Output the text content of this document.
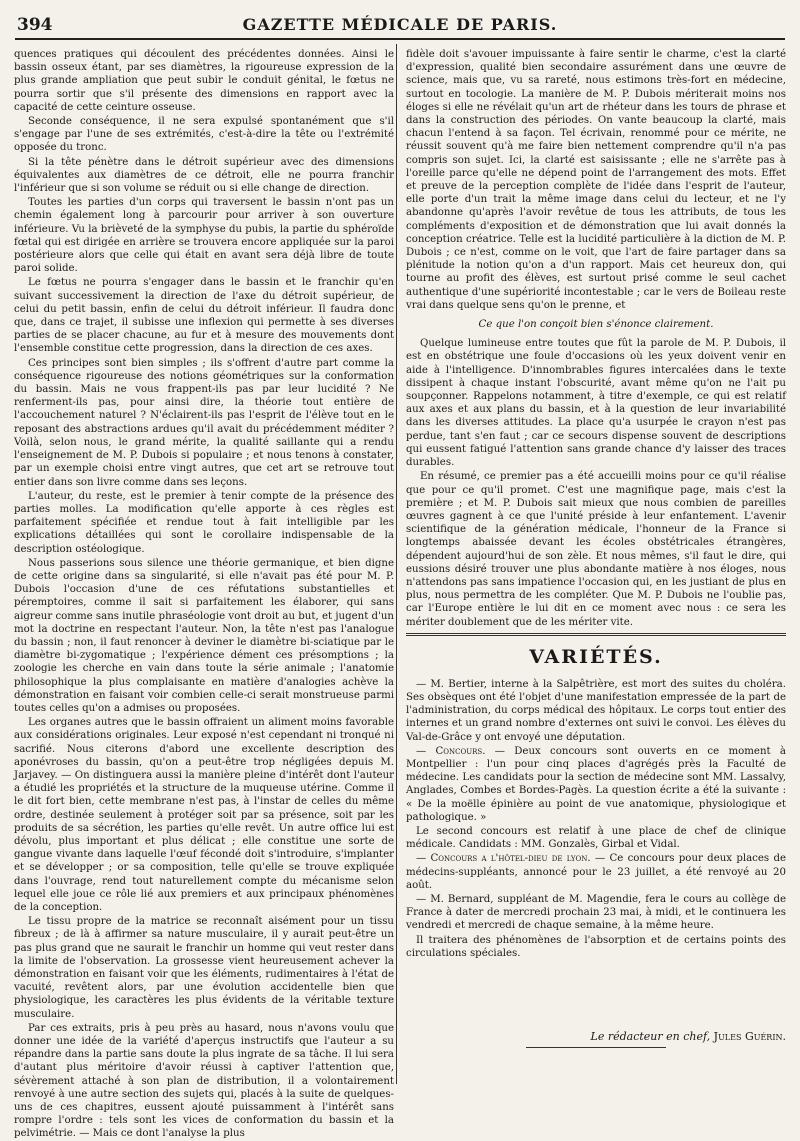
394	GAZETTE MÉDICALE DE PARIS.

quences pratiques qui découlent des précédentes données. Ainsi le bassin osseux étant, par ses diamètres, la rigoureuse expression de la plus grande ampliation que peut subir le conduit génital, le fœtus ne pourra sortir que s'il présente des dimensions en rapport avec la capacité de cette ceinture osseuse.

Seconde conséquence, il ne sera expulsé spontanément que s'il s'engage par l'une de ses extrémités, c'est-à-dire la tête ou l'extrémité opposée du tronc.

Si la tête pénètre dans le détroit supérieur avec des dimensions équivalentes aux diamètres de ce détroit, elle ne pourra franchir l'inférieur que si son volume se réduit ou si elle change de direction.

Toutes les parties d'un corps qui traversent le bassin n'ont pas un chemin également long à parcourir pour arriver à son ouverture inférieure. Vu la brièveté de la symphyse du pubis, la partie du sphéroïde fœtal qui est dirigée en arrière se trouvera encore appliquée sur la paroi postérieure alors que celle qui était en avant sera déjà libre de toute paroi solide.

Le fœtus ne pourra s'engager dans le bassin et le franchir qu'en suivant successivement la direction de l'axe du détroit supérieur, de celui du petit bassin, enfin de celui du détroit inférieur. Il faudra donc que, dans ce trajet, il subisse une inflexion qui permette à ses diverses parties de se placer chacune, au fur et à mesure des mouvements dont l'ensemble constitue cette progression, dans la direction de ces axes.

Ces principes sont bien simples ; ils s'offrent d'autre part comme la conséquence rigoureuse des notions géométriques sur la conformation du bassin. Mais ne vous frappent-ils pas par leur lucidité ? Ne renferment-ils pas, pour ainsi dire, la théorie tout entière de l'accouchement naturel ? N'éclairent-ils pas l'esprit de l'élève tout en le reposant des abstractions ardues qu'il avait du précédemment méditer ? Voilà, selon nous, le grand mérite, la qualité saillante qui a rendu l'enseignement de M. P. Dubois si populaire ; et nous tenons à constater, par un exemple choisi entre vingt autres, que cet art se retrouve tout entier dans son livre comme dans ses leçons.

L'auteur, du reste, est le premier à tenir compte de la présence des parties molles. La modification qu'elle apporte à ces règles est parfaitement spécifiée et rendue tout à fait intelligible par les explications détaillées qui sont le corollaire indispensable de la description ostéologique.

Nous passerions sous silence une théorie germanique, et bien digne de cette origine dans sa singularité, si elle n'avait pas été pour M. P. Dubois l'occasion d'une de ces réfutations substantielles et péremptoires, comme il sait si parfaitement les élaborer, qui sans aigreur comme sans inutile phraséologie vont droit au but, et jugent d'un mot la doctrine en respectant l'auteur. Non, la tête n'est pas l'analogue du bassin ; non, il faut renoncer à deviner le diamètre bi-sciatique par le diamètre bi-zygomatique ; l'expérience dément ces présomptions ; la zoologie les cherche en vain dans toute la série animale ; l'anatomie philosophique la plus complaisante en matière d'analogies achève la démonstration en faisant voir combien celle-ci serait monstrueuse parmi toutes celles qu'on a admises ou proposées.

Les organes autres que le bassin offraient un aliment moins favorable aux considérations originales. Leur exposé n'est cependant ni tronqué ni sacrifié. Nous citerons d'abord une excellente description des aponévroses du bassin, qu'on a peut-être trop négligées depuis M. Jarjavey. — On distinguera aussi la manière pleine d'intérêt dont l'auteur a étudié les propriétés et la structure de la muqueuse utérine. Comme il le dit fort bien, cette membrane n'est pas, à l'instar de celles du même ordre, destinée seulement à protéger soit par sa présence, soit par les produits de sa sécrétion, les parties qu'elle revêt. Un autre office lui est dévolu, plus important et plus délicat ; elle constitue une sorte de gangue vivante dans laquelle l'œuf fécondé doit s'introduire, s'implanter et se développer ; or sa composition, telle qu'elle se trouve expliquée dans l'ouvrage, rend tout naturellement compte du mécanisme selon lequel elle joue ce rôle lié aux premiers et aux principaux phénomènes de la conception.

Le tissu propre de la matrice se reconnaît aisément pour un tissu fibreux ; de là à affirmer sa nature musculaire, il y aurait peut-être un pas plus grand que ne saurait le franchir un homme qui veut rester dans la limite de l'observation. La grossesse vient heureusement achever la démonstration en faisant voir que les éléments, rudimentaires à l'état de vacuité, revêtent alors, par une évolution accidentelle bien que physiologique, les caractères les plus évidents de la véritable texture musculaire.

Par ces extraits, pris à peu près au hasard, nous n'avons voulu que donner une idée de la variété d'aperçus instructifs que l'auteur a su répandre dans la partie sans doute la plus ingrate de sa tâche. Il lui sera d'autant plus méritoire d'avoir réussi à captiver l'attention que, sévèrement attaché à son plan de distribution, il a volontairement renvoyé à une autre section des sujets qui, placés à la suite de quelques-uns de ces chapitres, eussent ajouté puissamment à l'intérêt sans rompre l'ordre : tels sont les vices de conformation du bassin et la pelvimétrie. — Mais ce dont l'analyse la plus

fidèle doit s'avouer impuissante à faire sentir le charme, c'est la clarté d'expression, qualité bien secondaire assurément dans une œuvre de science, mais que, vu sa rareté, nous estimons très-fort en médecine, surtout en tocologie. La manière de M. P. Dubois mériterait moins nos éloges si elle ne révélait qu'un art de rhéteur dans les tours de phrase et dans la construction des périodes. On vante beaucoup la clarté, mais chacun l'entend à sa façon. Tel écrivain, renommé pour ce mérite, ne réussit souvent qu'à me faire bien nettement comprendre qu'il n'a pas compris son sujet. Ici, la clarté est saisissante ; elle ne s'arrête pas à l'oreille parce qu'elle ne dépend point de l'arrangement des mots. Effet et preuve de la perception complète de l'idée dans l'esprit de l'auteur, elle porte d'un trait la même image dans celui du lecteur, et ne l'y abandonne qu'après l'avoir revêtue de tous les attributs, de tous les compléments d'exposition et de démonstration que lui avait donnés la conception créatrice. Telle est la lucidité particulière à la diction de M. P. Dubois ; ce n'est, comme on le voit, que l'art de faire partager dans sa plénitude la notion qu'on a d'un rapport. Mais cet heureux don, qui tourne au profit des élèves, est surtout prisé comme le seul cachet authentique d'une supériorité incontestable ; car le vers de Boileau reste vrai dans quelque sens qu'on le prenne, et

Ce que l'on conçoit bien s'énonce clairement.

Quelque lumineuse entre toutes que fût la parole de M. P. Dubois, il est en obstétrique une foule d'occasions où les yeux doivent venir en aide à l'intelligence. D'innombrables figures intercalées dans le texte dissipent à chaque instant l'obscurité, avant même qu'on ne l'ait pu soupçonner. Rappelons notamment, à titre d'exemple, ce qui est relatif aux axes et aux plans du bassin, et à la question de leur invariabilité dans les diverses attitudes. La place qu'a usurpée le crayon n'est pas perdue, tant s'en faut ; car ce secours dispense souvent de descriptions qui eussent fatigué l'attention sans grande chance d'y laisser des traces durables.

En résumé, ce premier pas a été accueilli moins pour ce qu'il réalise que pour ce qu'il promet. C'est une magnifique page, mais c'est la première ; et M. P. Dubois sait mieux que nous combien de pareilles œuvres gagnent à ce que l'unité préside à leur enfantement. L'avenir scientifique de la génération médicale, l'honneur de la France si longtemps abaissée devant les écoles obstétricales étrangères, dépendent aujourd'hui de son zèle. Et nous mêmes, s'il faut le dire, qui eussions désiré trouver une plus abondante matière à nos éloges, nous n'attendons pas sans impatience l'occasion qui, en les justiant de plus en plus, nous permettra de les compléter. Que M. P. Dubois ne l'oublie pas, car l'Europe entière le lui dit en ce moment avec nous : ce sera les mériter doublement que de les mériter vite.

VARIÉTÉS.

— M. Bertier, interne à la Salpêtrière, est mort des suites du choléra. Ses obsèques ont été l'objet d'une manifestation empressée de la part de l'administration, du corps médical des hôpitaux. Le corps tout entier des internes et un grand nombre d'externes ont suivi le convoi. Les élèves du Val-de-Grâce y ont envoyé une députation.

— Concours. — Deux concours sont ouverts en ce moment à Montpellier : l'un pour cinq places d'agrégés près la Faculté de médecine. Les candidats pour la section de médecine sont MM. Lassalvy, Anglades, Combes et Bordes-Pagès. La question écrite a été la suivante : « De la moëlle épinière au point de vue anatomique, physiologique et pathologique. »

Le second concours est relatif à une place de chef de clinique médicale. Candidats : MM. Gonzalès, Girbal et Vidal.

— Concours a l'hôtel-dieu de lyon. — Ce concours pour deux places de médecins-suppléants, annoncé pour le 23 juillet, a été renvoyé au 20 août.

— M. Bernard, suppléant de M. Magendie, fera le cours au collège de France à dater de mercredi prochain 23 mai, à midi, et le continuera les vendredi et mercredi de chaque semaine, à la même heure.

Il traitera des phénomènes de l'absorption et de certains points des circulations spéciales.

Le rédacteur en chef, Jules Guérin.
